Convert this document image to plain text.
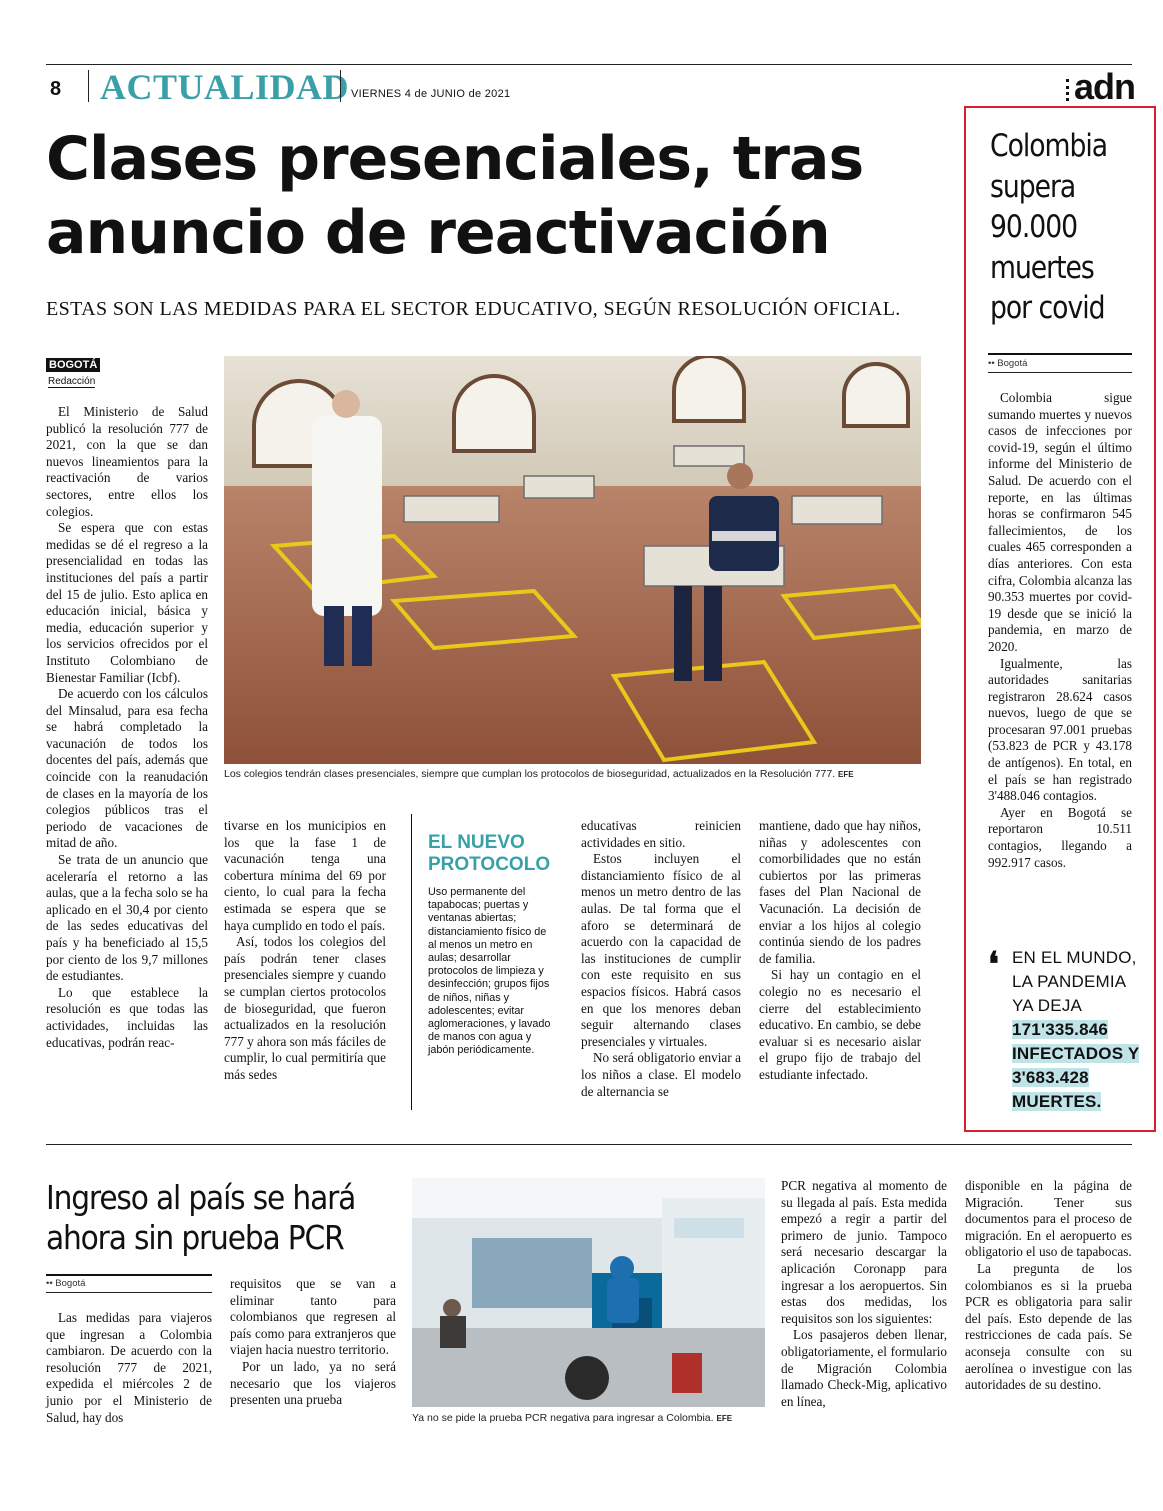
8 ACTUALIDAD VIERNES 4 de JUNIO de 2021	adn
Clases presenciales, tras
anuncio de reactivación
ESTAS SON LAS MEDIDAS PARA EL SECTOR EDUCATIVO, SEGÚN RESOLUCIÓN OFICIAL.
BOGOTÁ
Redacción

El Ministerio de Salud publicó la resolución 777 de 2021, con la que se dan nuevos lineamientos para la reactivación de varios sectores, entre ellos los colegios.

Se espera que con estas medidas se dé el regreso a la presencialidad en todas las instituciones del país a partir del 15 de julio. Esto aplica en educación inicial, básica y media, educación superior y los servicios ofrecidos por el Instituto Colombiano de Bienestar Familiar (Icbf).

De acuerdo con los cálculos del Minsalud, para esa fecha se habrá completado la vacunación de todos los docentes del país, además que coincide con la reanudación de clases en la mayoría de los colegios públicos tras el periodo de vacaciones de mitad de año.

Se trata de un anuncio que aceleraría el retorno a las aulas, que a la fecha solo se ha aplicado en el 30,4 por ciento de las sedes educativas del país y ha beneficiado al 15,5 por ciento de los 9,7 millones de estudiantes.

Lo que establece la resolución es que todas las actividades, incluidas las educativas, podrán reac-

Los colegios tendrán clases presenciales, siempre que cumplan los protocolos de bioseguridad, actualizados en la Resolución 777. EFE

tivarse en los municipios en los que la fase 1 de vacunación tenga una cobertura mínima del 69 por ciento, lo cual para la fecha estimada se espera que se haya cumplido en todo el país.

Así, todos los colegios del país podrán tener clases presenciales siempre y cuando se cumplan ciertos protocolos de bioseguridad, que fueron actualizados en la resolución 777 y ahora son más fáciles de cumplir, lo cual permitiría que más sedes

EL NUEVO PROTOCOLO
Uso permanente del tapabocas; puertas y ventanas abiertas; distanciamiento físico de al menos un metro en aulas; desarrollar protocolos de limpieza y desinfección; grupos fijos de niños, niñas y adolescentes; evitar aglomeraciones, y lavado de manos con agua y jabón periódicamente.

educativas reinicien actividades en sitio.

Estos incluyen el distanciamiento físico de al menos un metro dentro de las aulas. De tal forma que el aforo se determinará de acuerdo con la capacidad de las instituciones de cumplir con este requisito en sus espacios físicos. Habrá casos en que los menores deban seguir alternando clases presenciales y virtuales.

No será obligatorio enviar a los niños a clase. El modelo de alternancia se

mantiene, dado que hay niños, niñas y adolescentes con comorbilidades que no están cubiertos por las primeras fases del Plan Nacional de Vacunación. La decisión de enviar a los hijos al colegio continúa siendo de los padres de familia.

Si hay un contagio en el colegio no es necesario el cierre del establecimiento educativo. En cambio, se debe evaluar si es necesario aislar el grupo fijo de trabajo del estudiante infectado.

Colombia supera 90.000 muertes por covid
•• Bogotá

Colombia sigue sumando muertes y nuevos casos de infecciones por covid-19, según el último informe del Ministerio de Salud. De acuerdo con el reporte, en las últimas horas se confirmaron 545 fallecimientos, de los cuales 465 corresponden a días anteriores. Con esta cifra, Colombia alcanza las 90.353 muertes por covid-19 desde que se inició la pandemia, en marzo de 2020.

Igualmente, las autoridades sanitarias registraron 28.624 casos nuevos, luego de que se procesaran 97.001 pruebas (53.823 de PCR y 43.178 de antígenos). En total, en el país se han registrado 3'488.046 contagios.

Ayer en Bogotá se reportaron 10.511 contagios, llegando a 992.917 casos.

❛ EN EL MUNDO, LA PANDEMIA YA DEJA
171'335.846 INFECTADOS Y 3'683.428 MUERTES.
Ingreso al país se hará ahora sin prueba PCR
•• Bogotá

Las medidas para viajeros que ingresan a Colombia cambiaron. De acuerdo con la resolución 777 de 2021, expedida el miércoles 2 de junio por el Ministerio de Salud, hay dos

requisitos que se van a eliminar tanto para colombianos que regresen al país como para extranjeros que viajen hacia nuestro territorio.

Por un lado, ya no será necesario que los viajeros presenten una prueba

Ya no se pide la prueba PCR negativa para ingresar a Colombia. EFE

PCR negativa al momento de su llegada al país. Esta medida empezó a regir a partir del primero de junio. Tampoco será necesario descargar la aplicación Coronapp para ingresar a los aeropuertos. Sin estas dos medidas, los requisitos son los siguientes:

Los pasajeros deben llenar, obligatoriamente, el formulario de Migración Colombia llamado Check-Mig, aplicativo en línea,

disponible en la página de Migración. Tener sus documentos para el proceso de migración. En el aeropuerto es obligatorio el uso de tapabocas.

La pregunta de los colombianos es si la prueba PCR es obligatoria para salir del país. Esto depende de las restricciones de cada país. Se aconseja consulte con su aerolínea o investigue con las autoridades de su destino.
